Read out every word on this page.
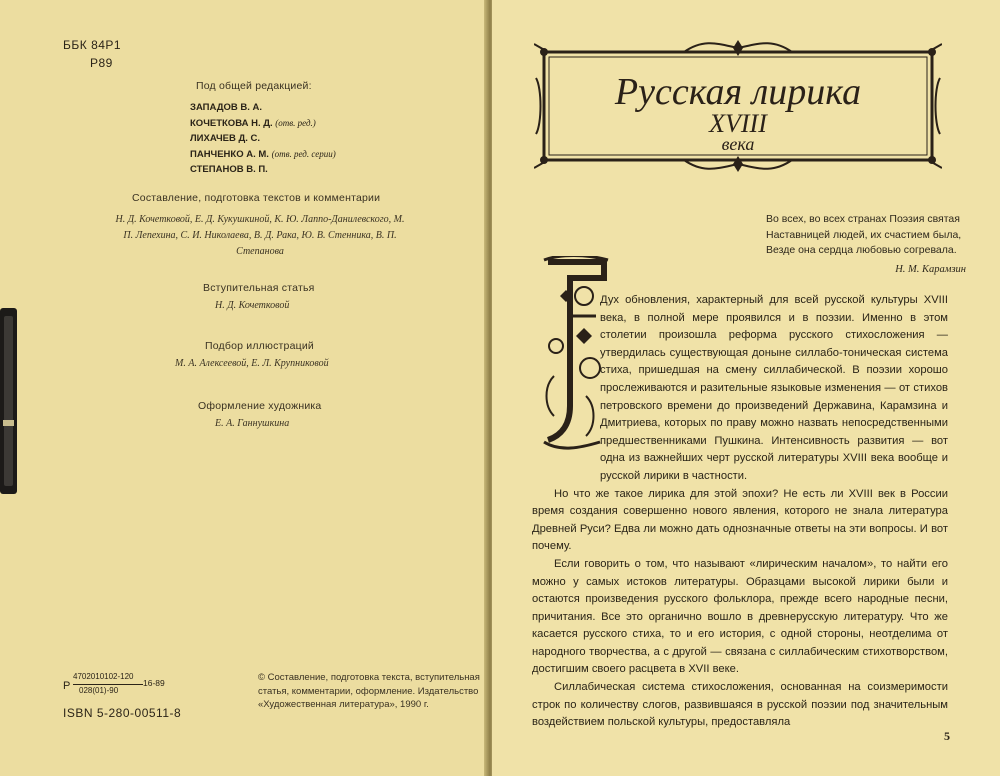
ББК 84Р1
Р89
Под общей редакцией:
ЗАПАДОВ В. А.
КОЧЕТКОВА Н. Д. (отв. ред.)
ЛИХАЧЕВ Д. С.
ПАНЧЕНКО А. М. (отв. ред. серии)
СТЕПАНОВ В. П.
Составление, подготовка текстов и комментарии
Н. Д. Кочетковой, Е. Д. Кукушкиной, К. Ю. Лаппо-Данилевского, М. П. Лепехина, С. И. Николаева, В. Д. Рака, Ю. В. Стенника, В. П. Степанова
Вступительная статья
Н. Д. Кочетковой
Подбор иллюстраций
М. А. Алексеевой, Е. Л. Крупниковой
Оформление художника
Е. А. Ганнушкина
Р
4702010102-120
028(01)-90
16-89
ISBN 5-280-00511-8
© Составление, подготовка текста, вступительная статья, комментарии, оформление. Издательство «Художественная литература», 1990 г.
Русская лирика
XVIII
века
Во всех, во всех странах Поэзия святая
Наставницей людей, их счастием была,
Везде она сердца любовью согревала.
Н. М. Карамзин

Дух обновления, характерный для всей русской культуры XVIII века, в полной мере проявился и в поэзии. Именно в этом столетии произошла реформа русского стихосложения — утвердилась существующая доныне силлабо-тоническая система стиха, пришедшая на смену силлабической. В поэзии хорошо прослеживаются и разительные языковые изменения — от стихов петровского времени до произведений Державина, Карамзина и Дмитриева, которых по праву можно назвать непосредственными предшественниками Пушкина. Интенсивность развития — вот одна из важнейших черт русской литературы XVIII века вообще и русской лирики в частности.

Но что же такое лирика для этой эпохи? Не есть ли XVIII век в России время создания совершенно нового явления, которого не знала литература Древней Руси? Едва ли можно дать однозначные ответы на эти вопросы. И вот почему.

Если говорить о том, что называют «лирическим началом», то найти его можно у самых истоков литературы. Образцами высокой лирики были и остаются произведения русского фольклора, прежде всего народные песни, причитания. Все это органично вошло в древнерусскую литературу. Что же касается русского стиха, то и его история, с одной стороны, неотделима от народного творчества, а с другой — связана с силлабическим стихотворством, достигшим своего расцвета в XVII веке.

Силлабическая система стихосложения, основанная на соизмеримости строк по количеству слогов, развившаяся в русской поэзии под значительным воздействием польской культуры, предоставляла

5
